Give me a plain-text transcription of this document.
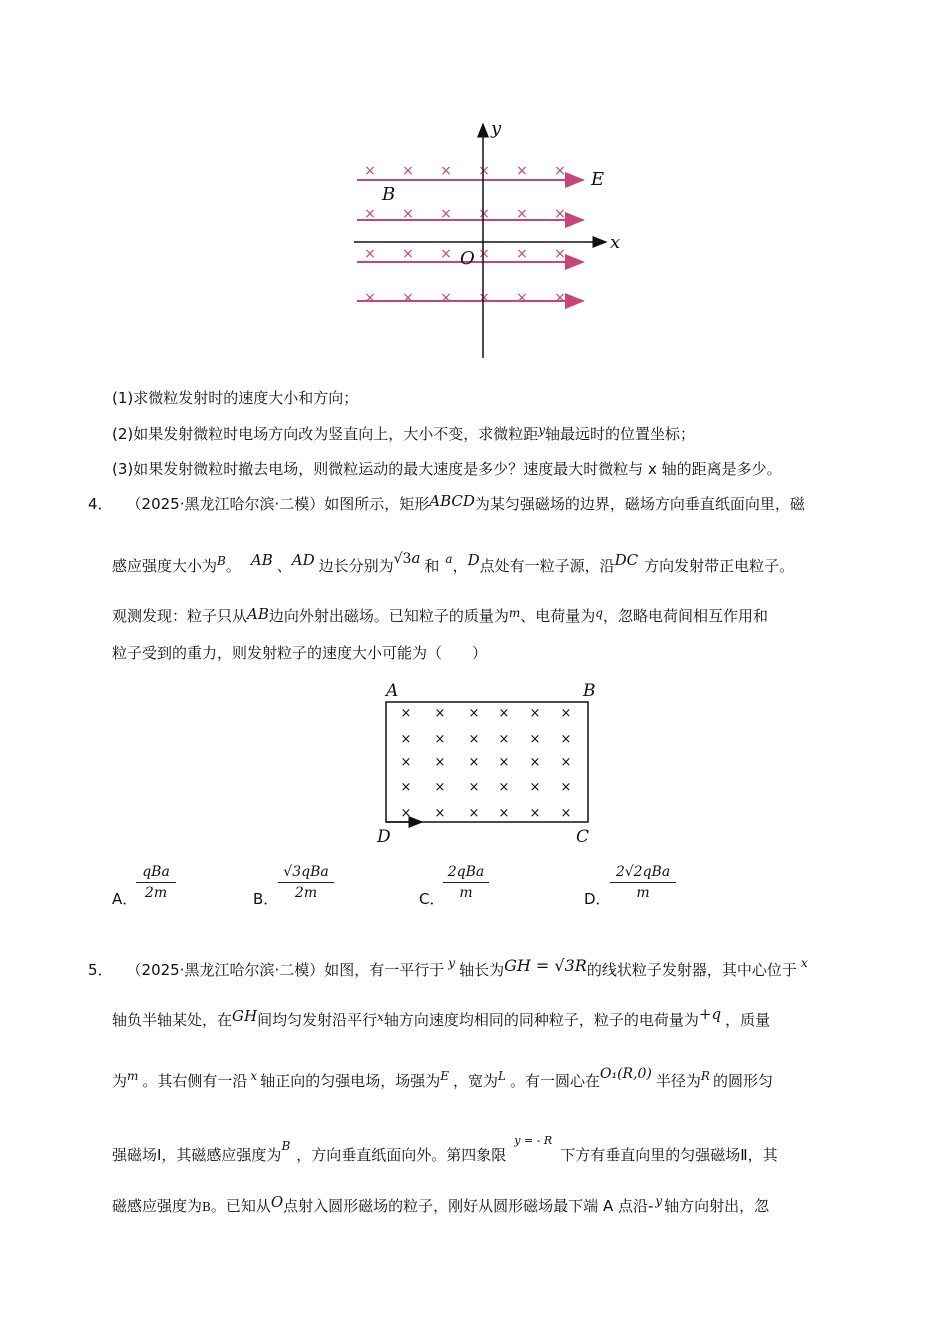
× × × × × ×
× × × × × ×
× × × × × ×
× × × × × ×
y
x
O
B
E
(1)求微粒发射时的速度大小和方向；
(2)如果发射微粒时电场方向改为竖直向上，大小不变，求微粒距$^y$轴最远时的位置坐标；
(3)如果发射微粒时撤去电场，则微粒运动的最大速度是多少？速度最大时微粒与 x 轴的距离是多少。
4． （2025·黑龙江哈尔滨·二模）如图所示，矩形ABCD为某匀强磁场的边界，磁场方向垂直纸面向里，磁
感应强度大小为$^B$。 AB 、AD 边长分别为√3a 和 $^a$，D点处有一粒子源，沿DC 方向发射带正电粒子。
观测发现：粒子只从AB边向外射出磁场。已知粒子的质量为$^m$、电荷量为$^q$，忽略电荷间相互作用和
粒子受到的重力，则发射粒子的速度大小可能为（　　）
× × × × × ×
× × × × × ×
× × × × × ×
× × × × × ×
× × × × × ×
A	B
D	C
A．
qBa
2m	B．
√3qBa
2m	C．
2qBa
m	D．
2√2qBa
m
5． （2025·黑龙江哈尔滨·二模）如图，有一平行于 $^y$ 轴长为GH = √3R的线状粒子发射器，其中心位于 $^x$
轴负半轴某处，在GH间均匀发射沿平行$^x$轴方向速度均相同的同种粒子，粒子的电荷量为+q ，质量
为$^m$ 。其右侧有一沿 $^x$ 轴正向的匀强电场，场强为$^E$ ，宽为$^L$ 。有一圆心在O₁(R,0) 半径为$^R$ 的圆形匀
强磁场Ⅰ，其磁感应强度为$^B$ ，方向垂直纸面向外。第四象限$^{y = - R}$下方有垂直向里的匀强磁场Ⅱ，其
磁感应强度为B。已知从O点射入圆形磁场的粒子，刚好从圆形磁场最下端 A 点沿- $^y$ 轴方向射出，忽
